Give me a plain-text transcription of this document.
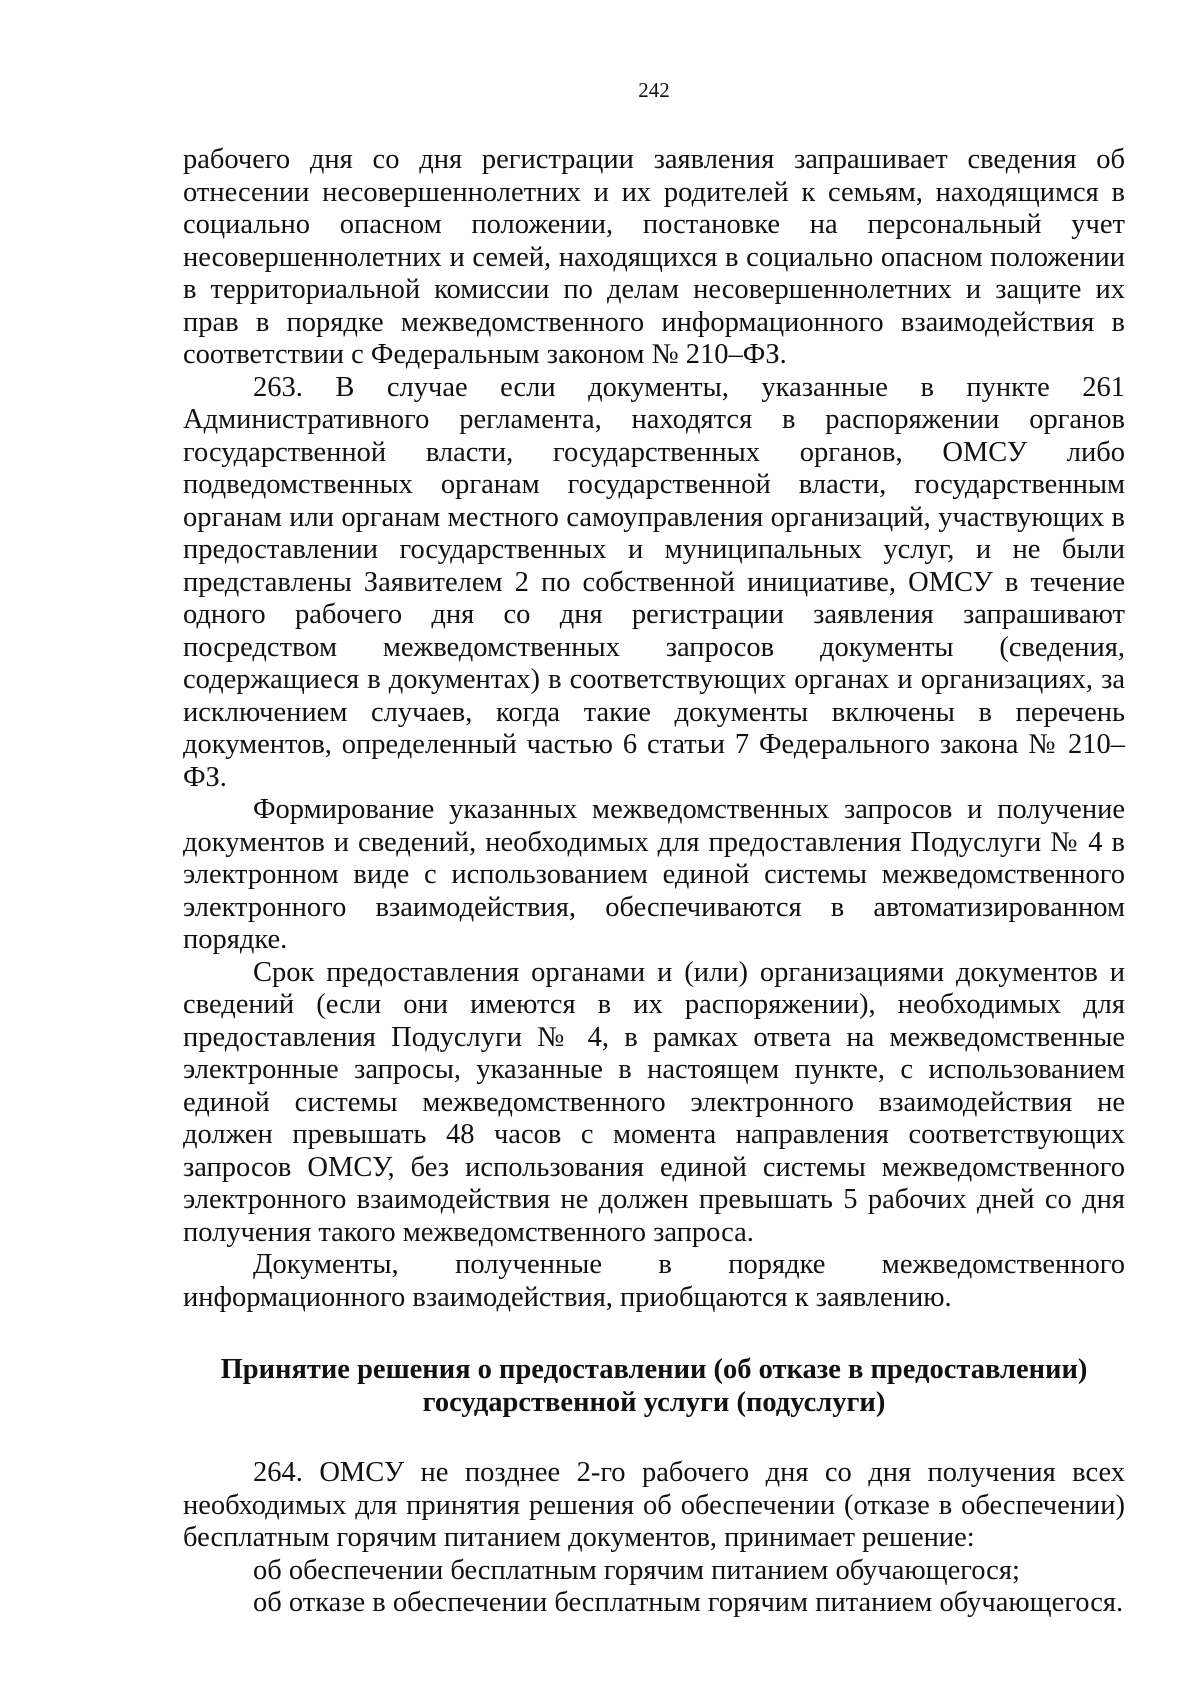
242

рабочего дня со дня регистрации заявления запрашивает сведения об отнесении несовершеннолетних и их родителей к семьям, находящимся в социально опасном положении, постановке на персональный учет несовершеннолетних и семей, находящихся в социально опасном положении в территориальной комиссии по делам несовершеннолетних и защите их прав в порядке межведомственного информационного взаимодействия в соответствии с Федеральным законом № 210–ФЗ.

263. В случае если документы, указанные в пункте 261 Административного регламента, находятся в распоряжении органов государственной власти, государственных органов, ОМСУ либо подведомственных органам государственной власти, государственным органам или органам местного самоуправления организаций, участвующих в предоставлении государственных и муниципальных услуг, и не были представлены Заявителем 2 по собственной инициативе, ОМСУ в течение одного рабочего дня со дня регистрации заявления запрашивают посредством межведомственных запросов документы (сведения, содержащиеся в документах) в соответствующих органах и организациях, за исключением случаев, когда такие документы включены в перечень документов, определенный частью 6 статьи 7 Федерального закона № 210–ФЗ.

Формирование указанных межведомственных запросов и получение документов и сведений, необходимых для предоставления Подуслуги № 4 в электронном виде с использованием единой системы межведомственного электронного взаимодействия, обеспечиваются в автоматизированном порядке.

Срок предоставления органами и (или) организациями документов и сведений (если они имеются в их распоряжении), необходимых для предоставления Подуслуги № 4, в рамках ответа на межведомственные электронные запросы, указанные в настоящем пункте, с использованием единой системы межведомственного электронного взаимодействия не должен превышать 48 часов с момента направления соответствующих запросов ОМСУ, без использования единой системы межведомственного электронного взаимодействия не должен превышать 5 рабочих дней со дня получения такого межведомственного запроса.

Документы, полученные в порядке межведомственного информационного взаимодействия, приобщаются к заявлению.

Принятие решения о предоставлении (об отказе в предоставлении)
государственной услуги (подуслуги)

264. ОМСУ не позднее 2-го рабочего дня со дня получения всех необходимых для принятия решения об обеспечении (отказе в обеспечении) бесплатным горячим питанием документов, принимает решение:

об обеспечении бесплатным горячим питанием обучающегося;

об отказе в обеспечении бесплатным горячим питанием обучающегося.
